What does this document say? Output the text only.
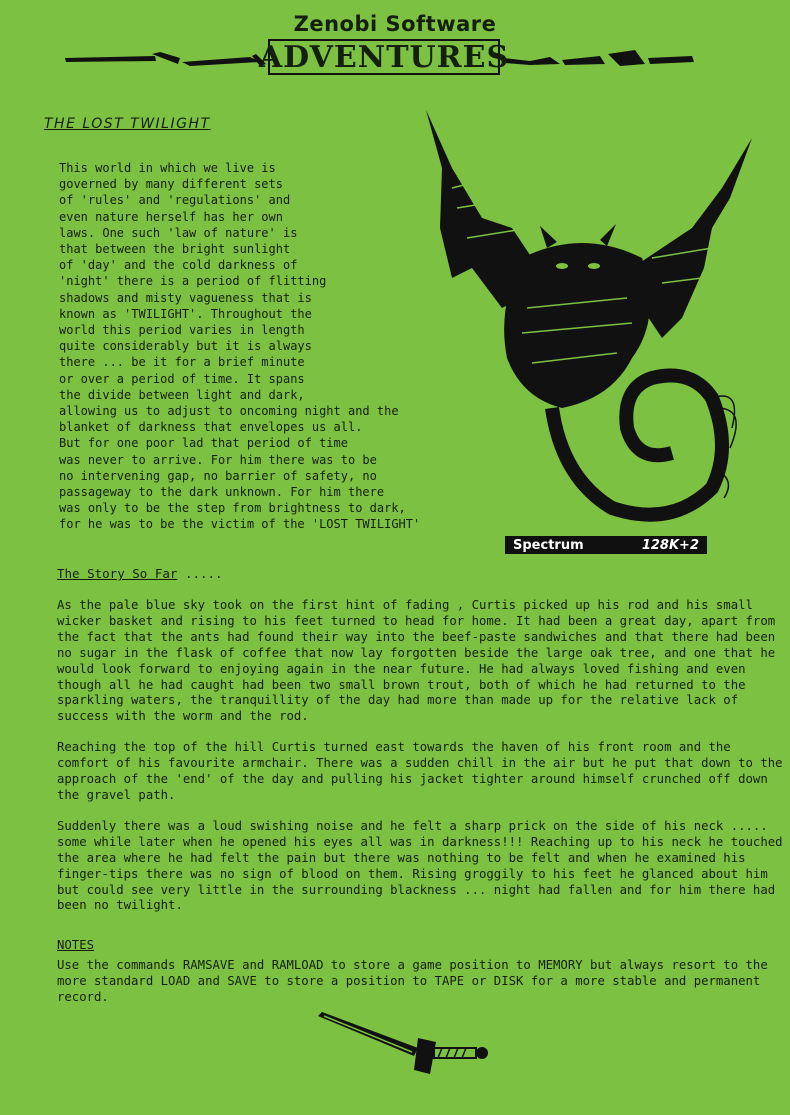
Zenobi Software
ADVENTURES
THE LOST TWILIGHT
This world in which we live is
governed by many different sets
of 'rules' and 'regulations' and
even nature herself has her own
laws. One such 'law of nature' is
that between the bright sunlight
of 'day' and the cold darkness of
'night' there is a period of flitting
shadows and misty vagueness that is
known as 'TWILIGHT'. Throughout the
world this period varies in length
quite considerably but it is always
there ... be it for a brief minute
or over a period of time. It spans
the divide between light and dark,
allowing us to adjust to oncoming night and the
blanket of darkness that envelopes us all.
But for one poor lad that period of time
was never to arrive. For him there was to be
no intervening gap, no barrier of safety, no
passageway to the dark unknown. For him there
was only to be the step from brightness to dark,
for he was to be the victim of the 'LOST TWILIGHT'
Spectrum	128K+2
The Story So Far .....

As the pale blue sky took on the first hint of fading , Curtis picked up his rod and his small wicker basket and rising to his feet turned to head for home. It had been a great day, apart from the fact that the ants had found their way into the beef-paste sandwiches and that there had been no sugar in the flask of coffee that now lay forgotten beside the large oak tree, and one that he would look forward to enjoying again in the near future. He had always loved fishing and even though all he had caught had been two small brown trout, both of which he had returned to the sparkling waters, the tranquillity of the day had more than made up for the relative lack of success with the worm and the rod.

Reaching the top of the hill Curtis turned east towards the haven of his front room and the comfort of his favourite armchair. There was a sudden chill in the air but he put that down to the approach of the 'end' of the day and pulling his jacket tighter around himself crunched off down the gravel path.

Suddenly there was a loud swishing noise and he felt a sharp prick on the side of his neck ..... some while later when he opened his eyes all was in darkness!!! Reaching up to his neck he touched the area where he had felt the pain but there was nothing to be felt and when he examined his finger-tips there was no sign of blood on them. Rising groggily to his feet he glanced about him but could see very little in the surrounding blackness ... night had fallen and for him there had been no twilight.

NOTES
Use the commands RAMSAVE and RAMLOAD to store a game position to MEMORY but always resort to the more standard LOAD and SAVE to store a position to TAPE or DISK for a more stable and permanent record.
